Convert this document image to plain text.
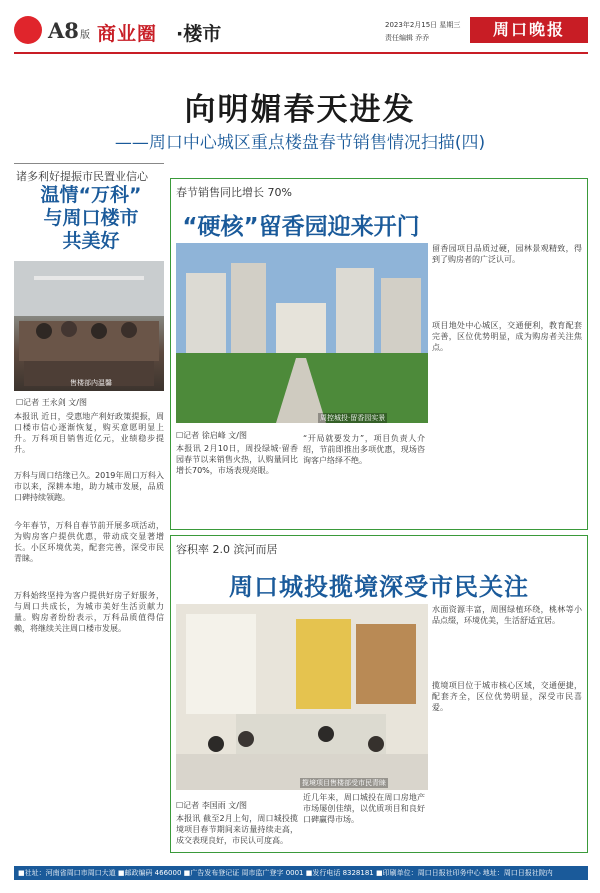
A8 版 商业圈 ·楼市	2023年2月15日 星期三
责任编辑 乔乔	周口晚报
向明媚春天进发
——周口中心城区重点楼盘春节销售情况扫描(四)
诸多利好提振市民置业信心
温情“万科”
与周口楼市
共美好
售楼部内温馨
☐记者 王永剑 文/图
本报讯 近日，受惠地产利好政策提振，周口楼市信心逐渐恢复，购买意愿明显上升。万科项目销售近亿元，业绩稳步提升。
万科与周口结缘已久。2019年周口万科入市以来，深耕本地，助力城市发展，品质口碑持续领跑。
今年春节，万科自春节前开展多项活动，为购房客户提供优惠，带动成交显著增长。小区环境优美，配套完善，深受市民青睐。
万科始终坚持为客户提供好房子好服务，与周口共成长，为城市美好生活贡献力量。购房者纷纷表示，万科品质值得信赖，将继续关注周口楼市发展。
春节销售同比增长 70%
“硬核”留香园迎来开门
周控城投·留香园实景
☐记者 徐启峰 文/图
本报讯 2月10日，周投绿城·留香园春节以来销售火热，认购量同比增长70%，市场表现亮眼。
“开局就要发力”，项目负责人介绍，节前即推出多项优惠，现场咨询客户络绎不绝。
留香园项目品质过硬，园林景观精致，得到了购房者的广泛认可。
项目地处中心城区，交通便利，教育配套完善，区位优势明显，成为购房者关注焦点。
容积率 2.0 滨河而居
周口城投揽境深受市民关注
揽境项目售楼部受市民青睐
☐记者 李国雨 文/图
本报讯 截至2月上旬，周口城投揽境项目春节期间来访量持续走高，成交表现良好，市民认可度高。
近几年来，周口城投在周口房地产市场屡创佳绩，以优质项目和良好口碑赢得市场。
水面资源丰富，周围绿植环绕，桃林等小品点缀，环境优美，生活舒适宜居。
揽境项目位于城市核心区域，交通便捷，配套齐全，区位优势明显，深受市民喜爱。
■社址：河南省周口市周口大道 ■邮政编码 466000 ■广告发布登记证 周市监广登字 0001 ■发行电话 8328181 ■印刷单位：周口日报社印务中心 地址：周口日报社院内
